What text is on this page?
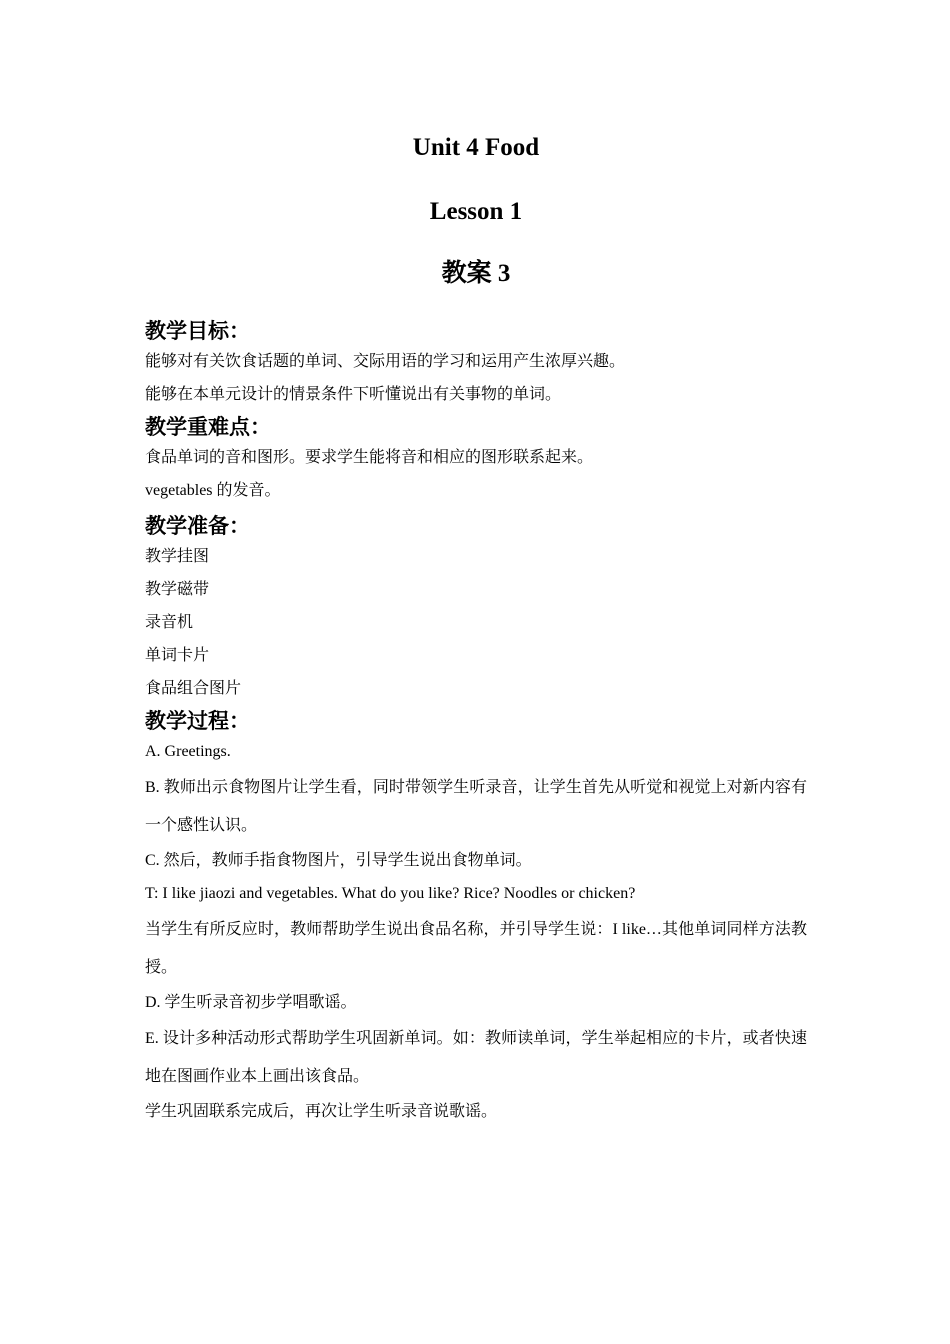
Unit 4 Food
Lesson 1
教案 3
教学目标：

能够对有关饮食话题的单词、交际用语的学习和运用产生浓厚兴趣。

能够在本单元设计的情景条件下听懂说出有关事物的单词。

教学重难点：

食品单词的音和图形。要求学生能将音和相应的图形联系起来。

vegetables 的发音。

教学准备：

教学挂图

教学磁带

录音机

单词卡片

食品组合图片

教学过程：

A. Greetings.

B. 教师出示食物图片让学生看，同时带领学生听录音，让学生首先从听觉和视觉上对新内容有一个感性认识。

C. 然后，教师手指食物图片，引导学生说出食物单词。

T: I like jiaozi and vegetables. What do you like? Rice? Noodles or chicken?

当学生有所反应时，教师帮助学生说出食品名称，并引导学生说：I like…其他单词同样方法教授。

D. 学生听录音初步学唱歌谣。

E. 设计多种活动形式帮助学生巩固新单词。如：教师读单词，学生举起相应的卡片，或者快速地在图画作业本上画出该食品。

学生巩固联系完成后，再次让学生听录音说歌谣。
